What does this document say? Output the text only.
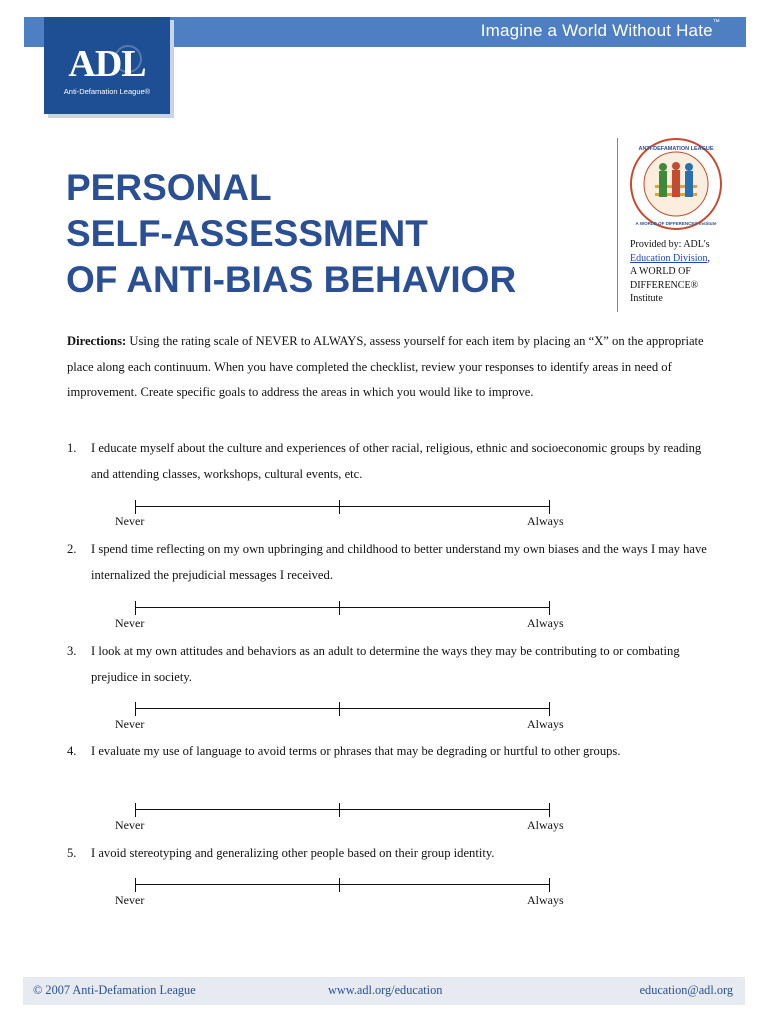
Imagine a World Without Hate™
ADL
Anti-Defamation League®
PERSONAL
SELF-ASSESSMENT
OF ANTI-BIAS BEHAVIOR
ANTI-DEFAMATION LEAGUE
A WORLD OF DIFFERENCE® Institute
Provided by: ADL's
Education Division,
A WORLD OF
DIFFERENCE®
Institute
Directions: Using the rating scale of NEVER to ALWAYS, assess yourself for each item by placing an “X” on the appropriate place along each continuum. When you have completed the checklist, review your responses to identify areas in need of improvement. Create specific goals to address the areas in which you would like to improve.
1. I educate myself about the culture and experiences of other racial, religious, ethnic and socioeconomic groups by reading and attending classes, workshops, cultural events, etc.
Never	Always
2. I spend time reflecting on my own upbringing and childhood to better understand my own biases and the ways I may have internalized the prejudicial messages I received.
Never	Always
3. I look at my own attitudes and behaviors as an adult to determine the ways they may be contributing to or combating prejudice in society.
Never	Always
4. I evaluate my use of language to avoid terms or phrases that may be degrading or hurtful to other groups.
Never	Always
5. I avoid stereotyping and generalizing other people based on their group identity.
Never	Always
© 2007 Anti-Defamation League	www.adl.org/education	education@adl.org
